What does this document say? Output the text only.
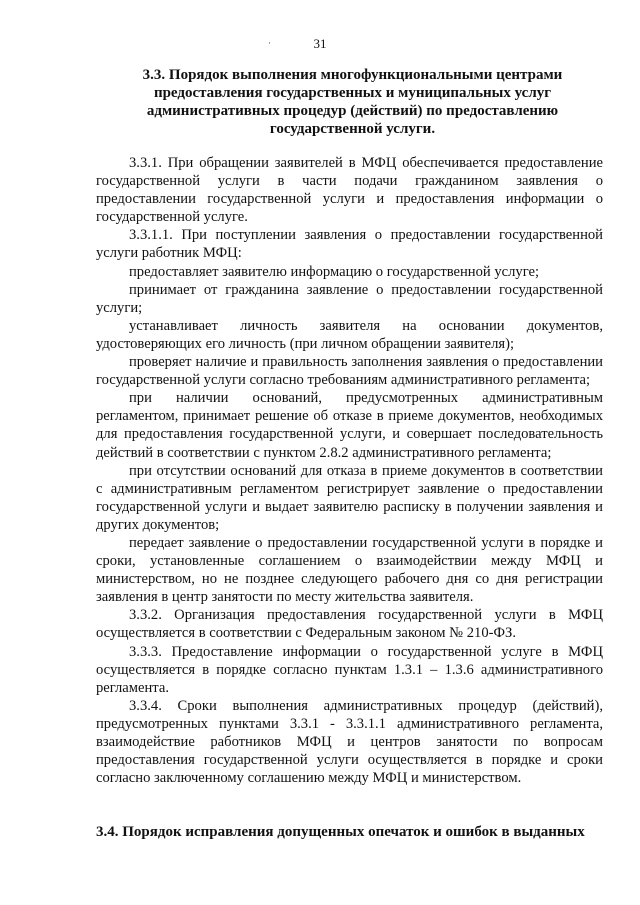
31
·
3.3. Порядок выполнения многофункциональными центрами предоставления государственных и муниципальных услуг административных процедур (действий) по предоставлению государственной услуги.

3.3.1. При обращении заявителей в МФЦ обеспечивается предоставление государственной услуги в части подачи гражданином заявления о предоставлении государственной услуги и предоставления информации о государственной услуге.

3.3.1.1. При поступлении заявления о предоставлении государственной услуги работник МФЦ:

предоставляет заявителю информацию о государственной услуге;

принимает от гражданина заявление о предоставлении государственной услуги;

устанавливает личность заявителя на основании документов, удостоверяющих его личность (при личном обращении заявителя);

проверяет наличие и правильность заполнения заявления о предоставлении государственной услуги согласно требованиям административного регламента;

при наличии оснований, предусмотренных административным регламентом, принимает решение об отказе в приеме документов, необходимых для предоставления государственной услуги, и совершает последовательность действий в соответствии с пунктом 2.8.2 административного регламента;

при отсутствии оснований для отказа в приеме документов в соответствии с административным регламентом регистрирует заявление о предоставлении государственной услуги и выдает заявителю расписку в получении заявления и других документов;

передает заявление о предоставлении государственной услуги в порядке и сроки, установленные соглашением о взаимодействии между МФЦ и министерством, но не позднее следующего рабочего дня со дня регистрации заявления в центр занятости по месту жительства заявителя.

3.3.2. Организация предоставления государственной услуги в МФЦ осуществляется в соответствии с Федеральным законом № 210-ФЗ.

3.3.3. Предоставление информации о государственной услуге в МФЦ осуществляется в порядке согласно пунктам 1.3.1 – 1.3.6 административного регламента.

3.3.4. Сроки выполнения административных процедур (действий), предусмотренных пунктами 3.3.1 - 3.3.1.1 административного регламента, взаимодействие работников МФЦ и центров занятости по вопросам предоставления государственной услуги осуществляется в порядке и сроки согласно заключенному соглашению между МФЦ и министерством.

3.4. Порядок исправления допущенных опечаток и ошибок в выданных
